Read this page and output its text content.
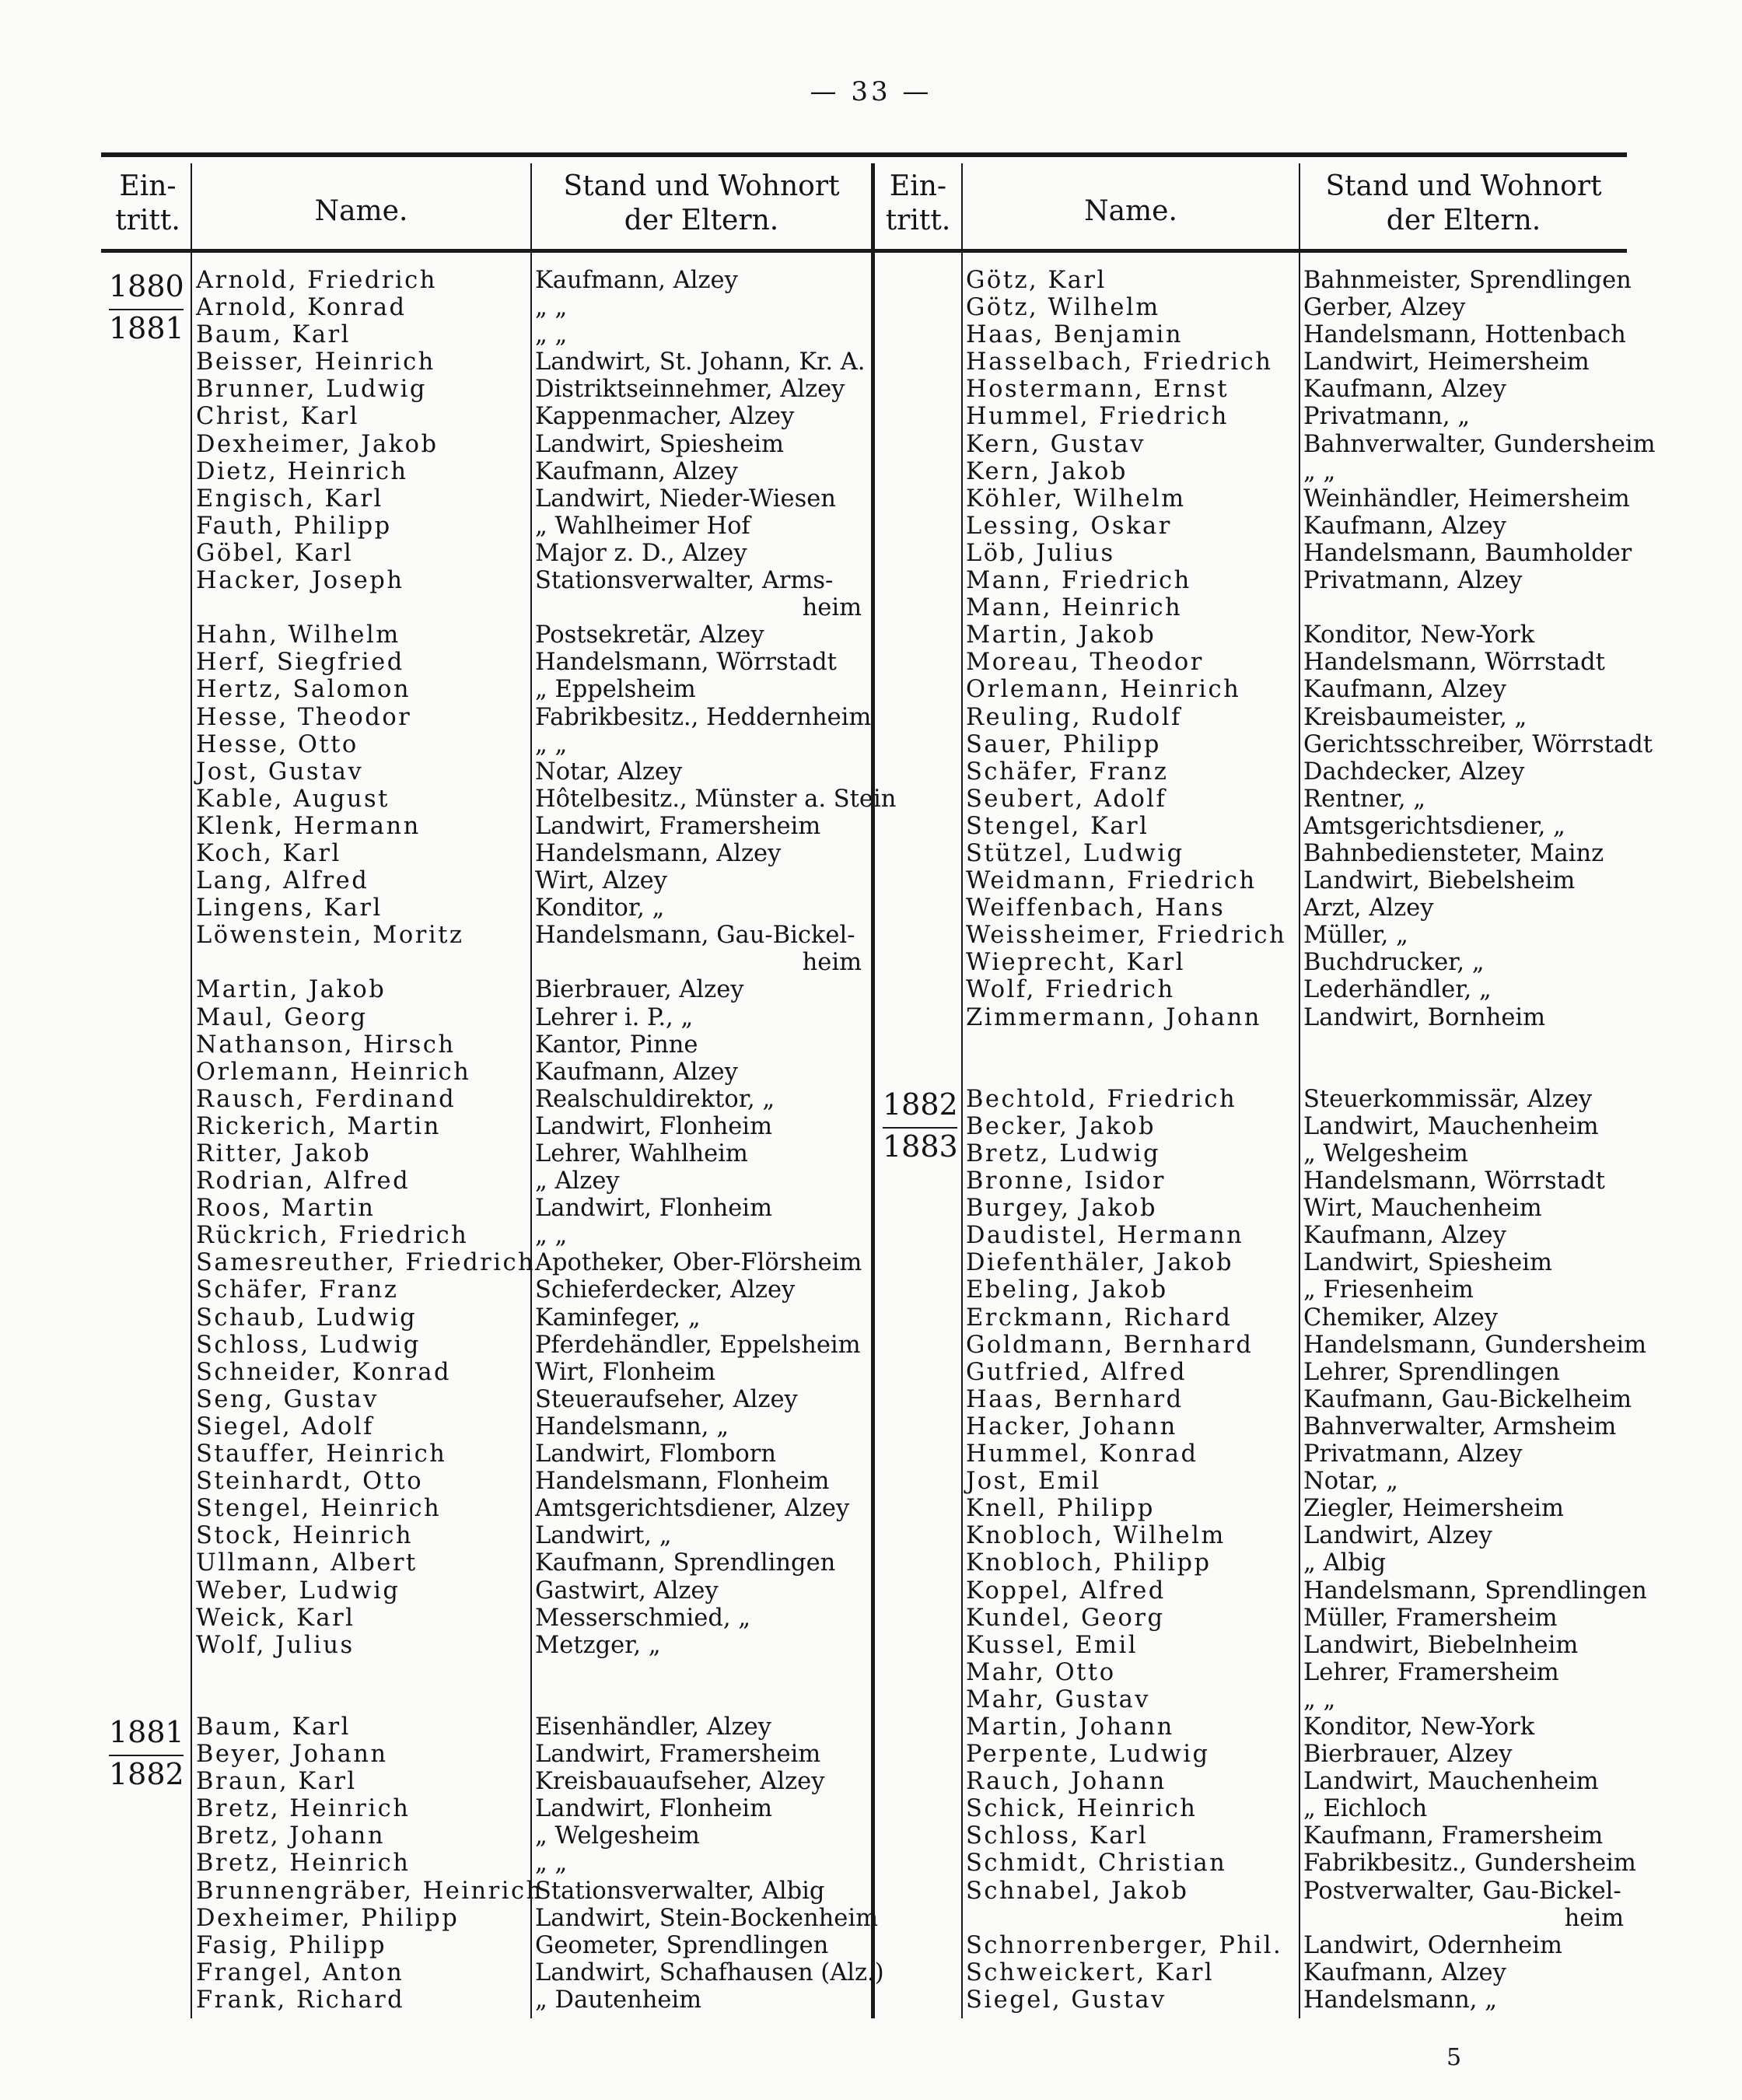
— 33 —
Ein-
tritt.	Name.
Stand und Wohnort
der Eltern.
Ein-
tritt.	Name.
Stand und Wohnort
der Eltern.
1880
1881
1881
1882
1882
1883
Arnold, Friedrich
Arnold, Konrad
Baum, Karl
Beisser, Heinrich
Brunner, Ludwig
Christ, Karl
Dexheimer, Jakob
Dietz, Heinrich
Engisch, Karl
Fauth, Philipp
Göbel, Karl
Hacker, Joseph
Hahn, Wilhelm
Herf, Siegfried
Hertz, Salomon
Hesse, Theodor
Hesse, Otto
Jost, Gustav
Kable, August
Klenk, Hermann
Koch, Karl
Lang, Alfred
Lingens, Karl
Löwenstein, Moritz
Martin, Jakob
Maul, Georg
Nathanson, Hirsch
Orlemann, Heinrich
Rausch, Ferdinand
Rickerich, Martin
Ritter, Jakob
Rodrian, Alfred
Roos, Martin
Rückrich, Friedrich
Samesreuther, Friedrich
Schäfer, Franz
Schaub, Ludwig
Schloss, Ludwig
Schneider, Konrad
Seng, Gustav
Siegel, Adolf
Stauffer, Heinrich
Steinhardt, Otto
Stengel, Heinrich
Stock, Heinrich
Ullmann, Albert
Weber, Ludwig
Weick, Karl
Wolf, Julius
Baum, Karl
Beyer, Johann
Braun, Karl
Bretz, Heinrich
Bretz, Johann
Bretz, Heinrich
Brunnengräber, Heinrich
Dexheimer, Philipp
Fasig, Philipp
Frangel, Anton
Frank, Richard
Kaufmann, Alzey
„ „
„ „
Landwirt, St. Johann, Kr. A.
Distriktseinnehmer, Alzey
Kappenmacher, Alzey
Landwirt, Spiesheim
Kaufmann, Alzey
Landwirt, Nieder-Wiesen
„ Wahlheimer Hof
Major z. D., Alzey
Stationsverwalter, Arms-
heim
Postsekretär, Alzey
Handelsmann, Wörrstadt
„ Eppelsheim
Fabrikbesitz., Heddernheim
„ „
Notar, Alzey
Hôtelbesitz., Münster a. Stein
Landwirt, Framersheim
Handelsmann, Alzey
Wirt, Alzey
Konditor, „
Handelsmann, Gau-Bickel-
heim
Bierbrauer, Alzey
Lehrer i. P., „
Kantor, Pinne
Kaufmann, Alzey
Realschuldirektor, „
Landwirt, Flonheim
Lehrer, Wahlheim
„ Alzey
Landwirt, Flonheim
„ „
Apotheker, Ober-Flörsheim
Schieferdecker, Alzey
Kaminfeger, „
Pferdehändler, Eppelsheim
Wirt, Flonheim
Steueraufseher, Alzey
Handelsmann, „
Landwirt, Flomborn
Handelsmann, Flonheim
Amtsgerichtsdiener, Alzey
Landwirt, „
Kaufmann, Sprendlingen
Gastwirt, Alzey
Messerschmied, „
Metzger, „
Eisenhändler, Alzey
Landwirt, Framersheim
Kreisbauaufseher, Alzey
Landwirt, Flonheim
„ Welgesheim
„ „
Stationsverwalter, Albig
Landwirt, Stein-Bockenheim
Geometer, Sprendlingen
Landwirt, Schafhausen (Alz.)
„ Dautenheim
Götz, Karl
Götz, Wilhelm
Haas, Benjamin
Hasselbach, Friedrich
Hostermann, Ernst
Hummel, Friedrich
Kern, Gustav
Kern, Jakob
Köhler, Wilhelm
Lessing, Oskar
Löb, Julius
Mann, Friedrich
Mann, Heinrich
Martin, Jakob
Moreau, Theodor
Orlemann, Heinrich
Reuling, Rudolf
Sauer, Philipp
Schäfer, Franz
Seubert, Adolf
Stengel, Karl
Stützel, Ludwig
Weidmann, Friedrich
Weiffenbach, Hans
Weissheimer, Friedrich
Wieprecht, Karl
Wolf, Friedrich
Zimmermann, Johann
Bechtold, Friedrich
Becker, Jakob
Bretz, Ludwig
Bronne, Isidor
Burgey, Jakob
Daudistel, Hermann
Diefenthäler, Jakob
Ebeling, Jakob
Erckmann, Richard
Goldmann, Bernhard
Gutfried, Alfred
Haas, Bernhard
Hacker, Johann
Hummel, Konrad
Jost, Emil
Knell, Philipp
Knobloch, Wilhelm
Knobloch, Philipp
Koppel, Alfred
Kundel, Georg
Kussel, Emil
Mahr, Otto
Mahr, Gustav
Martin, Johann
Perpente, Ludwig
Rauch, Johann
Schick, Heinrich
Schloss, Karl
Schmidt, Christian
Schnabel, Jakob
Schnorrenberger, Phil.
Schweickert, Karl
Siegel, Gustav
Bahnmeister, Sprendlingen
Gerber, Alzey
Handelsmann, Hottenbach
Landwirt, Heimersheim
Kaufmann, Alzey
Privatmann, „
Bahnverwalter, Gundersheim
„ „
Weinhändler, Heimersheim
Kaufmann, Alzey
Handelsmann, Baumholder
Privatmann, Alzey
Konditor, New-York
Handelsmann, Wörrstadt
Kaufmann, Alzey
Kreisbaumeister, „
Gerichtsschreiber, Wörrstadt
Dachdecker, Alzey
Rentner, „
Amtsgerichtsdiener, „
Bahnbediensteter, Mainz
Landwirt, Biebelsheim
Arzt, Alzey
Müller, „
Buchdrucker, „
Lederhändler, „
Landwirt, Bornheim
Steuerkommissär, Alzey
Landwirt, Mauchenheim
„ Welgesheim
Handelsmann, Wörrstadt
Wirt, Mauchenheim
Kaufmann, Alzey
Landwirt, Spiesheim
„ Friesenheim
Chemiker, Alzey
Handelsmann, Gundersheim
Lehrer, Sprendlingen
Kaufmann, Gau-Bickelheim
Bahnverwalter, Armsheim
Privatmann, Alzey
Notar, „
Ziegler, Heimersheim
Landwirt, Alzey
„ Albig
Handelsmann, Sprendlingen
Müller, Framersheim
Landwirt, Biebelnheim
Lehrer, Framersheim
„ „
Konditor, New-York
Bierbrauer, Alzey
Landwirt, Mauchenheim
„ Eichloch
Kaufmann, Framersheim
Fabrikbesitz., Gundersheim
Postverwalter, Gau-Bickel-
heim
Landwirt, Odernheim
Kaufmann, Alzey
Handelsmann, „
5
